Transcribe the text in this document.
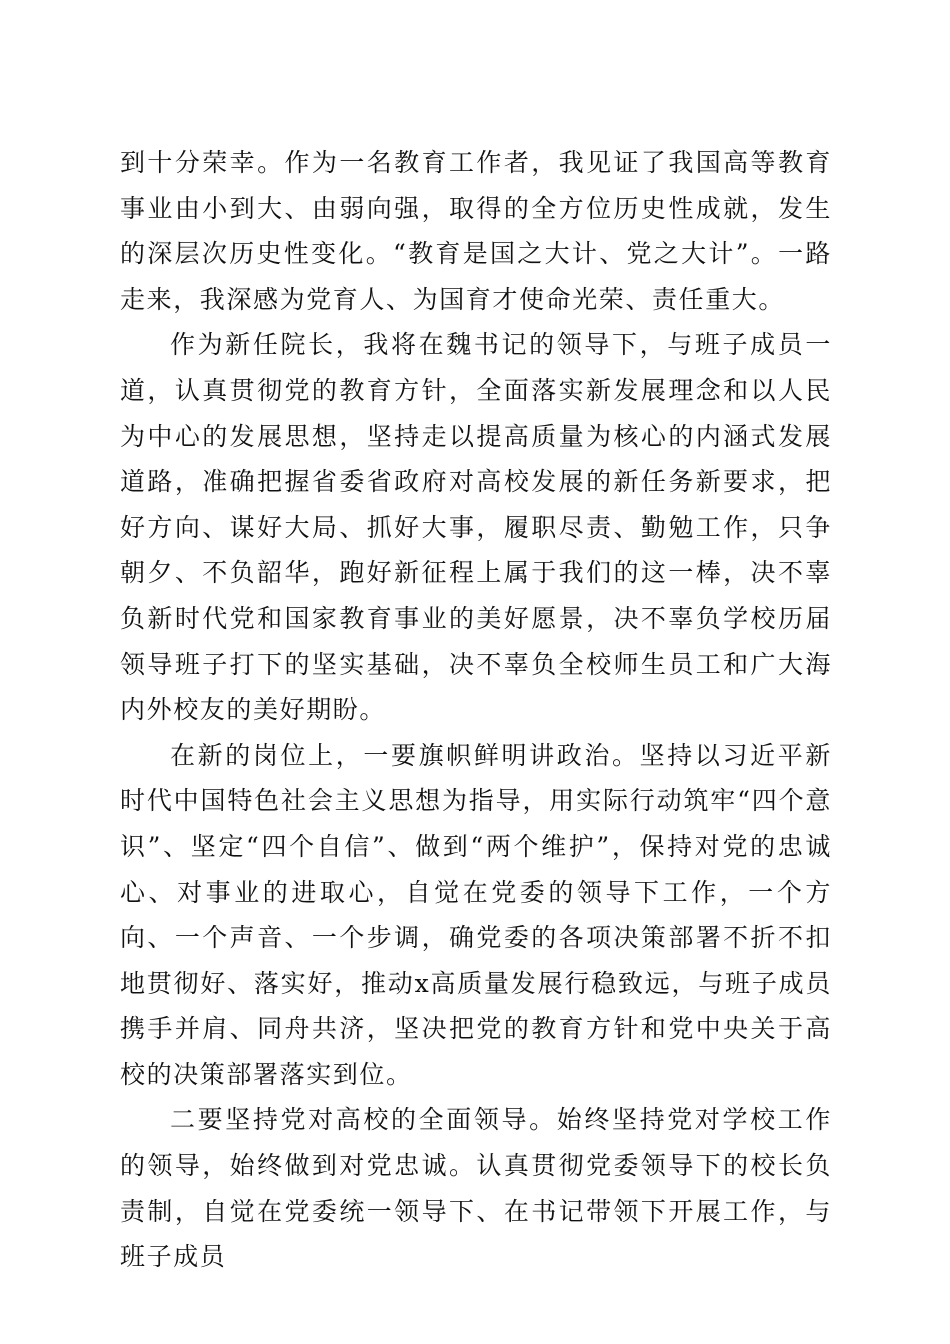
到十分荣幸。作为一名教育工作者，我见证了我国高等教育事业由小到大、由弱向强，取得的全方位历史性成就，发生的深层次历史性变化。“教育是国之大计、党之大计”。一路走来，我深感为党育人、为国育才使命光荣、责任重大。

作为新任院长，我将在魏书记的领导下，与班子成员一道，认真贯彻党的教育方针，全面落实新发展理念和以人民为中心的发展思想，坚持走以提高质量为核心的内涵式发展道路，准确把握省委省政府对高校发展的新任务新要求，把好方向、谋好大局、抓好大事，履职尽责、勤勉工作，只争朝夕、不负韶华，跑好新征程上属于我们的这一棒，决不辜负新时代党和国家教育事业的美好愿景，决不辜负学校历届领导班子打下的坚实基础，决不辜负全校师生员工和广大海内外校友的美好期盼。

在新的岗位上，一要旗帜鲜明讲政治。坚持以习近平新时代中国特色社会主义思想为指导，用实际行动筑牢“四个意识”、坚定“四个自信”、做到“两个维护”，保持对党的忠诚心、对事业的进取心，自觉在党委的领导下工作，一个方向、一个声音、一个步调，确党委的各项决策部署不折不扣地贯彻好、落实好，推动x高质量发展行稳致远，与班子成员携手并肩、同舟共济，坚决把党的教育方针和党中央关于高校的决策部署落实到位。

二要坚持党对高校的全面领导。始终坚持党对学校工作的领导，始终做到对党忠诚。认真贯彻党委领导下的校长负责制，自觉在党委统一领导下、在书记带领下开展工作，与班子成员
